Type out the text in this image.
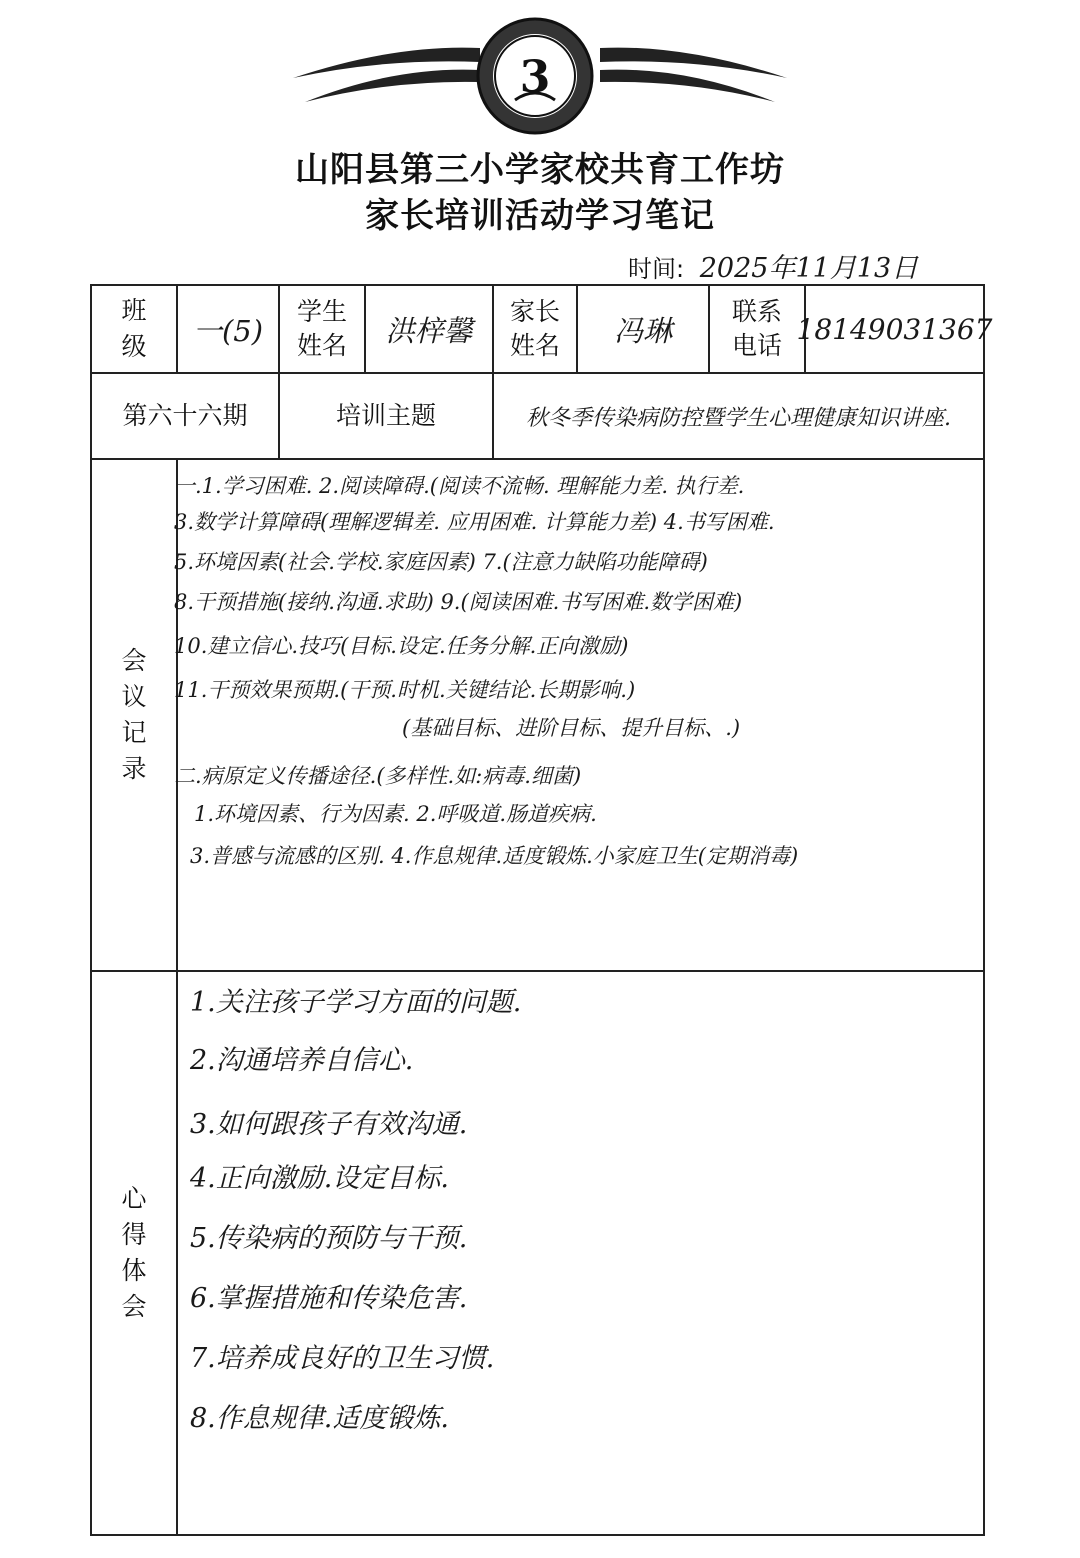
3
山阳县第三小学家校共育工作坊
家长培训活动学习笔记
时间: 2025年11月13日
班级 一(5)
学生姓名 洪梓馨
家长姓名 冯琳
联系电话 18149031367
第六十六期	培训主题	秋冬季传染病防控暨学生心理健康知识讲座.
会议记录
一.1.学习困难. 2.阅读障碍.(阅读不流畅. 理解能力差. 执行差.
3.数学计算障碍(理解逻辑差. 应用困难. 计算能力差) 4.书写困难.
5.环境因素(社会.学校.家庭因素) 7.(注意力缺陷功能障碍)
8.干预措施(接纳.沟通.求助) 9.(阅读困难.书写困难.数学困难)
10.建立信心.技巧(目标.设定.任务分解.正向激励)
11.干预效果预期.(干预.时机.关键结论.长期影响.)
(基础目标、进阶目标、提升目标、.)
二.病原定义传播途径.(多样性.如:病毒.细菌)
1.环境因素、行为因素. 2.呼吸道.肠道疾病.
3.普感与流感的区别. 4.作息规律.适度锻炼.小家庭卫生(定期消毒)
心得体会
1.关注孩子学习方面的问题.
2.沟通培养自信心.
3.如何跟孩子有效沟通.
4.正向激励.设定目标.
5.传染病的预防与干预.
6.掌握措施和传染危害.
7.培养成良好的卫生习惯.
8.作息规律.适度锻炼.
